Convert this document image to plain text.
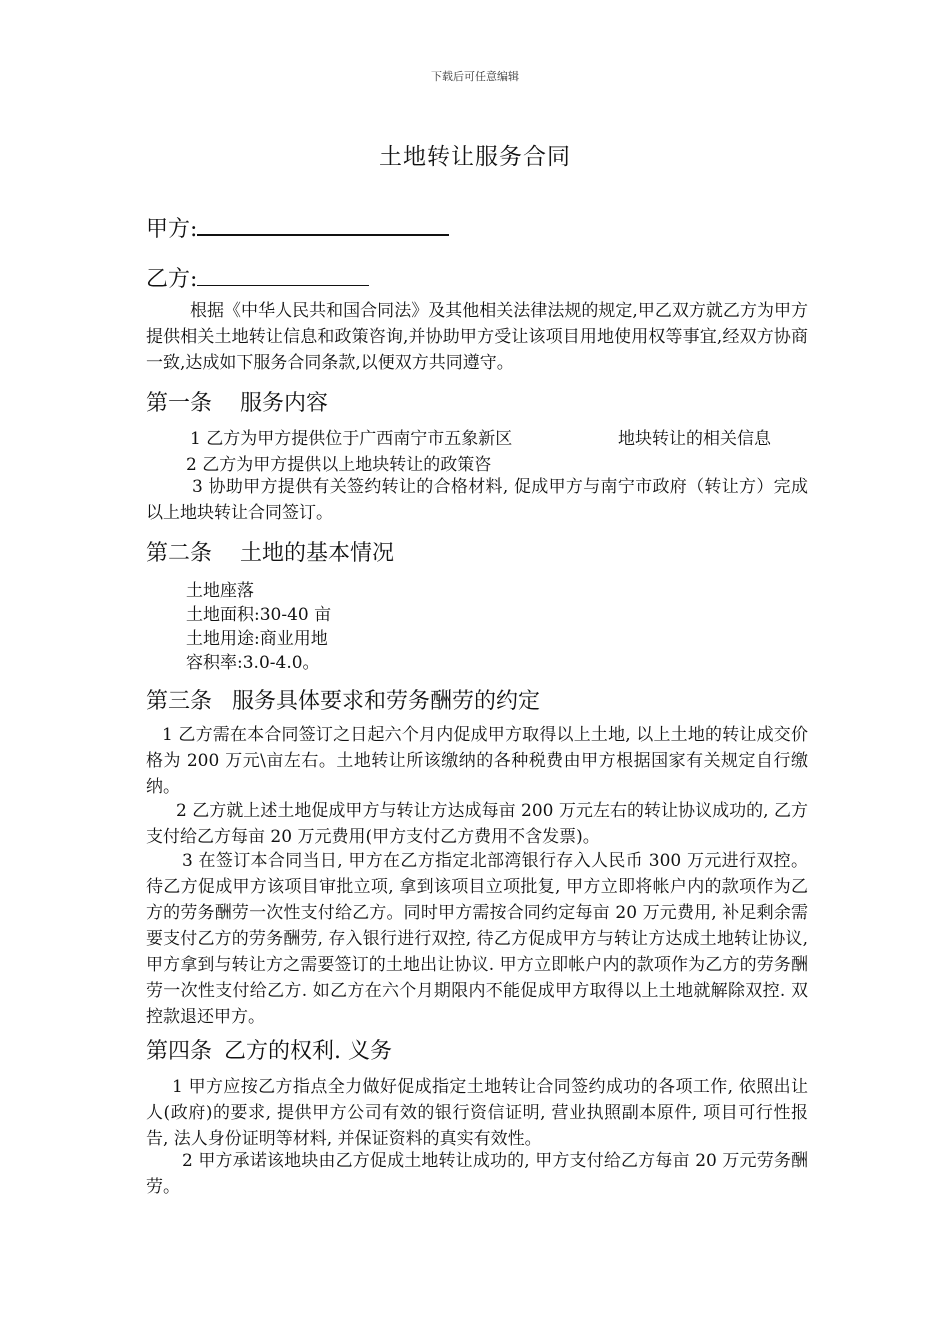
下载后可任意编辑
土地转让服务合同
甲方:
乙方:

根据《中华人民共和国合同法》及其他相关法律法规的规定,甲乙双方就乙方为甲方提供相关土地转让信息和政策咨询,并协助甲方受让该项目用地使用权等事宜,经双方协商一致,达成如下服务合同条款,以便双方共同遵守。

第一条 服务内容
1 乙方为甲方提供位于广西南宁市五象新区	地块转让的相关信息
2 乙方为甲方提供以上地块转让的政策咨

3 协助甲方提供有关签约转让的合格材料, 促成甲方与南宁市政府（转让方）完成以上地块转让合同签订。

第二条 土地的基本情况
土地座落
土地面积:30-40 亩
土地用途:商业用地
容积率:3.0-4.0。
第三条 服务具体要求和劳务酬劳的约定

1 乙方需在本合同签订之日起六个月内促成甲方取得以上土地, 以上土地的转让成交价格为 200 万元\亩左右。土地转让所该缴纳的各种税费由甲方根据国家有关规定自行缴纳。

2 乙方就上述土地促成甲方与转让方达成每亩 200 万元左右的转让协议成功的, 乙方支付给乙方每亩 20 万元费用(甲方支付乙方费用不含发票)。

3 在签订本合同当日, 甲方在乙方指定北部湾银行存入人民币 300 万元进行双控。待乙方促成甲方该项目审批立项, 拿到该项目立项批复, 甲方立即将帐户内的款项作为乙方的劳务酬劳一次性支付给乙方。同时甲方需按合同约定每亩 20 万元费用, 补足剩余需要支付乙方的劳务酬劳, 存入银行进行双控, 待乙方促成甲方与转让方达成土地转让协议, 甲方拿到与转让方之需要签订的土地出让协议. 甲方立即帐户内的款项作为乙方的劳务酬劳一次性支付给乙方. 如乙方在六个月期限内不能促成甲方取得以上土地就解除双控. 双控款退还甲方。

第四条 乙方的权利. 义务

1 甲方应按乙方指点全力做好促成指定土地转让合同签约成功的各项工作, 依照出让人(政府)的要求, 提供甲方公司有效的银行资信证明, 营业执照副本原件, 项目可行性报告, 法人身份证明等材料, 并保证资料的真实有效性。

2 甲方承诺该地块由乙方促成土地转让成功的, 甲方支付给乙方每亩 20 万元劳务酬劳。
